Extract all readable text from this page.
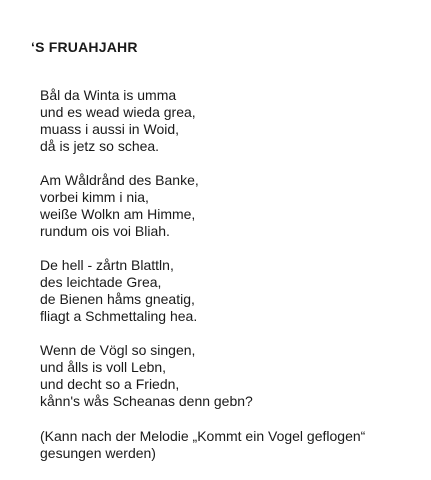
‘S FRUAHJAHR
Bål da Winta is umma
und es wead wieda grea,
muass i aussi in Woid,
då is jetz so schea.
Am Wåldrånd des Banke,
vorbei kimm i nia,
weiße Wolkn am Himme,
rundum ois voi Bliah.
De hell - zårtn Blattln,
des leichtade Grea,
de Bienen håms gneatig,
fliagt a Schmettaling hea.
Wenn de Vögl so singen,
und ålls is voll Lebn,
und decht so a Friedn,
kånn's wås Scheanas denn gebn?
(Kann nach der Melodie „Kommt ein Vogel geflogen“
gesungen werden)
